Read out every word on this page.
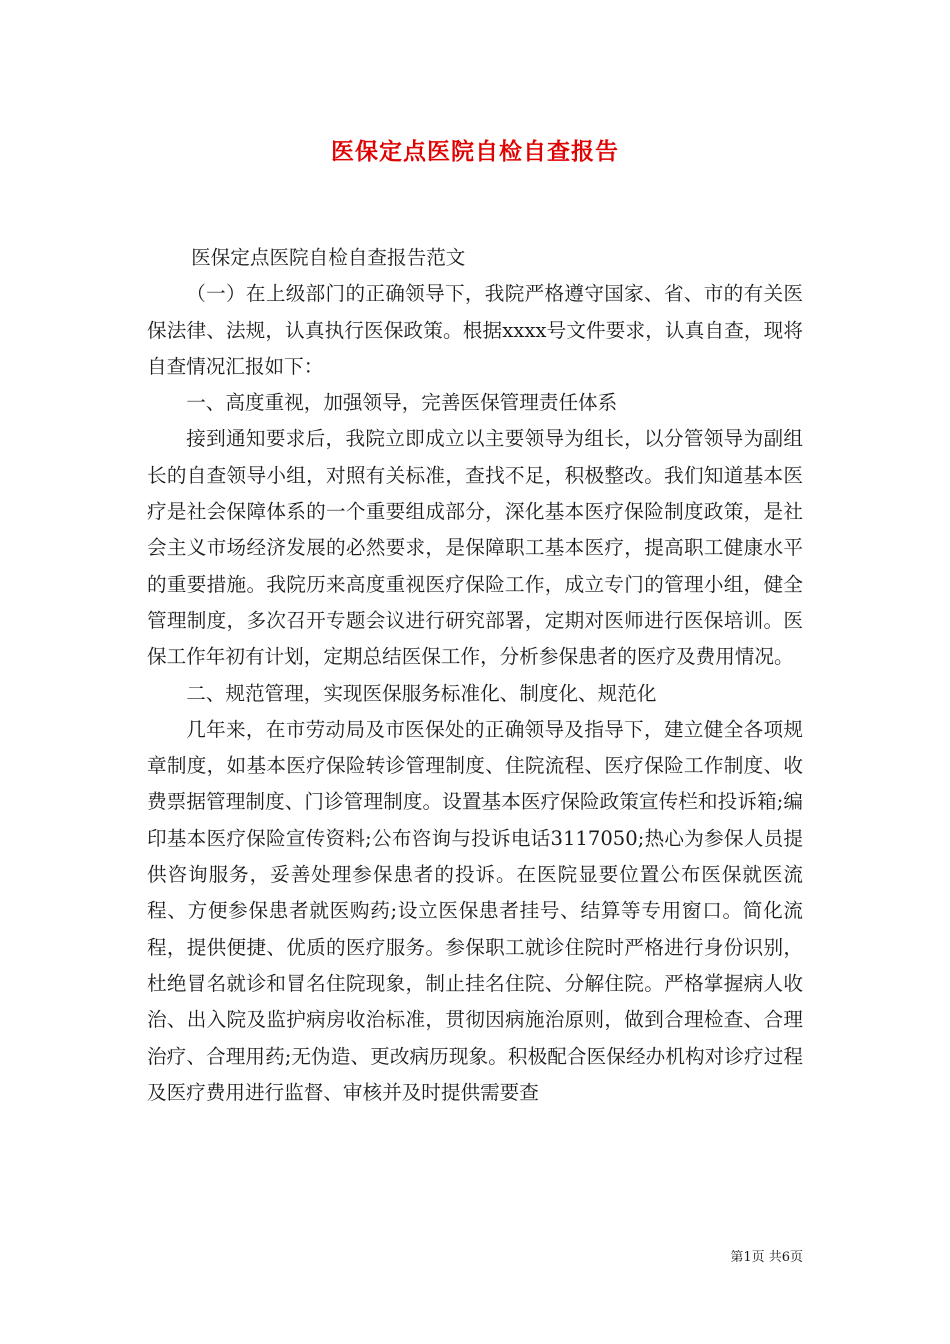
医保定点医院自检自查报告

医保定点医院自检自查报告范文

（一）在上级部门的正确领导下，我院严格遵守国家、省、市的有关医保法律、法规，认真执行医保政策。根据xxxx号文件要求，认真自查，现将自查情况汇报如下：

一、高度重视，加强领导，完善医保管理责任体系

接到通知要求后，我院立即成立以主要领导为组长，以分管领导为副组长的自查领导小组，对照有关标准，查找不足，积极整改。我们知道基本医疗是社会保障体系的一个重要组成部分，深化基本医疗保险制度政策，是社会主义市场经济发展的必然要求，是保障职工基本医疗，提高职工健康水平的重要措施。我院历来高度重视医疗保险工作，成立专门的管理小组，健全管理制度，多次召开专题会议进行研究部署，定期对医师进行医保培训。医保工作年初有计划，定期总结医保工作，分析参保患者的医疗及费用情况。

二、规范管理，实现医保服务标准化、制度化、规范化

几年来，在市劳动局及市医保处的正确领导及指导下，建立健全各项规章制度，如基本医疗保险转诊管理制度、住院流程、医疗保险工作制度、收费票据管理制度、门诊管理制度。设置基本医疗保险政策宣传栏和投诉箱;编印基本医疗保险宣传资料;公布咨询与投诉电话3117050;热心为参保人员提供咨询服务，妥善处理参保患者的投诉。在医院显要位置公布医保就医流程、方便参保患者就医购药;设立医保患者挂号、结算等专用窗口。简化流程，提供便捷、优质的医疗服务。参保职工就诊住院时严格进行身份识别，杜绝冒名就诊和冒名住院现象，制止挂名住院、分解住院。严格掌握病人收治、出入院及监护病房收治标准，贯彻因病施治原则，做到合理检查、合理治疗、合理用药;无伪造、更改病历现象。积极配合医保经办机构对诊疗过程及医疗费用进行监督、审核并及时提供需要查

第1页 共6页
